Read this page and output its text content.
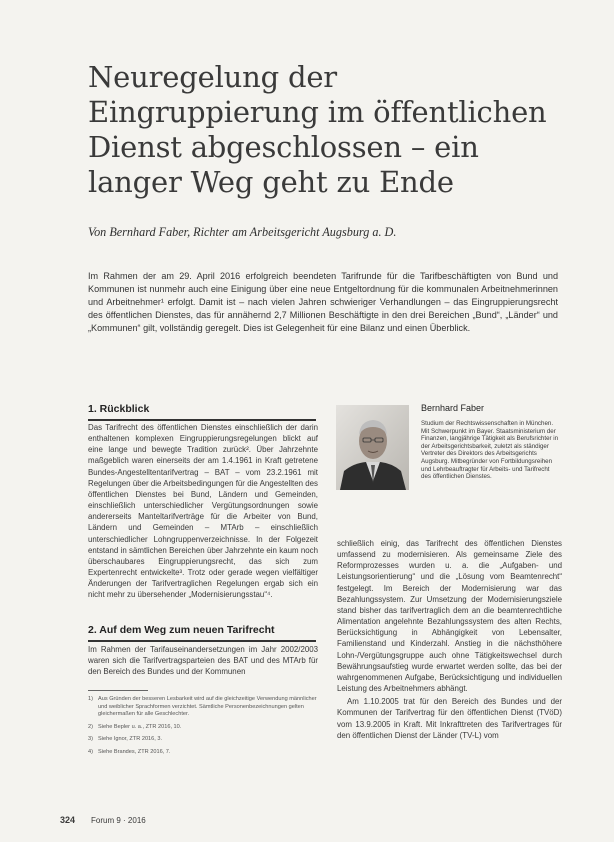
Neuregelung der Eingruppierung im öffentlichen Dienst abgeschlossen – ein langer Weg geht zu Ende
Von Bernhard Faber, Richter am Arbeitsgericht Augsburg a. D.
Im Rahmen der am 29. April 2016 erfolgreich beendeten Tarifrunde für die Tarifbeschäftigten von Bund und Kommunen ist nunmehr auch eine Einigung über eine neue Entgeltordnung für die kommunalen Arbeitnehmerinnen und Arbeitnehmer¹ erfolgt. Damit ist – nach vielen Jahren schwieriger Verhandlungen – das Eingruppierungsrecht des öffentlichen Dienstes, das für annähernd 2,7 Millionen Beschäftigte in den drei Bereichen „Bund“, „Länder“ und „Kommunen“ gilt, vollständig geregelt. Dies ist Gelegenheit für eine Bilanz und einen Überblick.
1. Rückblick
Das Tarifrecht des öffentlichen Dienstes einschließlich der darin enthaltenen komplexen Eingruppierungsregelungen blickt auf eine lange und bewegte Tradition zurück². Über Jahrzehnte maßgeblich waren einerseits der am 1.4.1961 in Kraft getretene Bundes-Angestelltentarifvertrag – BAT – vom 23.2.1961 mit Regelungen über die Arbeitsbedingungen für die Angestellten des öffentlichen Dienstes bei Bund, Ländern und Gemeinden, einschließlich unterschiedlicher Vergütungsordnungen sowie andererseits Manteltarifverträge für die Arbeiter von Bund, Ländern und Gemeinden – MTArb – einschließlich unterschiedlicher Lohngruppenverzeichnisse. In der Folgezeit entstand in sämtlichen Bereichen über Jahrzehnte ein kaum noch überschaubares Eingruppierungsrecht, das sich zum Expertenrecht entwickelte³. Trotz oder gerade wegen vielfältiger Änderungen der Tarifvertraglichen Regelungen ergab sich ein nicht mehr zu übersehender „Modernisierungsstau“⁴.
2. Auf dem Weg zum neuen Tarifrecht
Im Rahmen der Tarifauseinandersetzungen im Jahr 2002/2003 waren sich die Tarifvertragsparteien des BAT und des MTArb für den Bereich des Bundes und der Kommunen
1) Aus Gründen der besseren Lesbarkeit wird auf die gleichzeitige Verwendung männlicher und weiblicher Sprachformen verzichtet. Sämtliche Personenbezeichnungen gelten gleichermaßen für alle Geschlechter.
2) Siehe Bepler u. a., ZTR 2016, 10.
3) Siehe Ignor, ZTR 2016, 3.
4) Siehe Brandes, ZTR 2016, 7.
Bernhard Faber
Studium der Rechtswissenschaften in München. Mit Schwerpunkt im Bayer. Staatsministerium der Finanzen, langjährige Tätigkeit als Berufsrichter in der Arbeitsgerichtsbarkeit, zuletzt als ständiger Vertreter des Direktors des Arbeitsgerichts Augsburg. Mitbegründer von Fortbildungsreihen und Lehrbeauftragter für Arbeits- und Tarifrecht des öffentlichen Dienstes.
schließlich einig, das Tarifrecht des öffentlichen Dienstes umfassend zu modernisieren. Als gemeinsame Ziele des Reformprozesses wurden u. a. die „Aufgaben- und Leistungsorientierung“ und die „Lösung vom Beamtenrecht“ festgelegt. Im Bereich der Modernisierung war das Bezahlungssystem. Zur Umsetzung der Modernisierungsziele stand bisher das tarifvertraglich dem an die beamtenrechtliche Alimentation angelehnte Bezahlungssystem des alten Rechts, Berücksichtigung in Abhängigkeit von Lebensalter, Familienstand und Kinderzahl. Anstieg in die nächsthöhere Lohn-/Vergütungsgruppe auch ohne Tätigkeitswechsel durch Bewährungsaufstieg wurde erwartet werden sollte, das bei der wahrgenommenen Aufgabe, Berücksichtigung und individuellen Leistung des Arbeitnehmers abhängt.
Am 1.10.2005 trat für den Bereich des Bundes und der Kommunen der Tarifvertrag für den öffentlichen Dienst (TVöD) vom 13.9.2005 in Kraft. Mit Inkrafttreten des Tarifvertrages für den öffentlichen Dienst der Länder (TV-L) vom
324 Forum 9 · 2016
